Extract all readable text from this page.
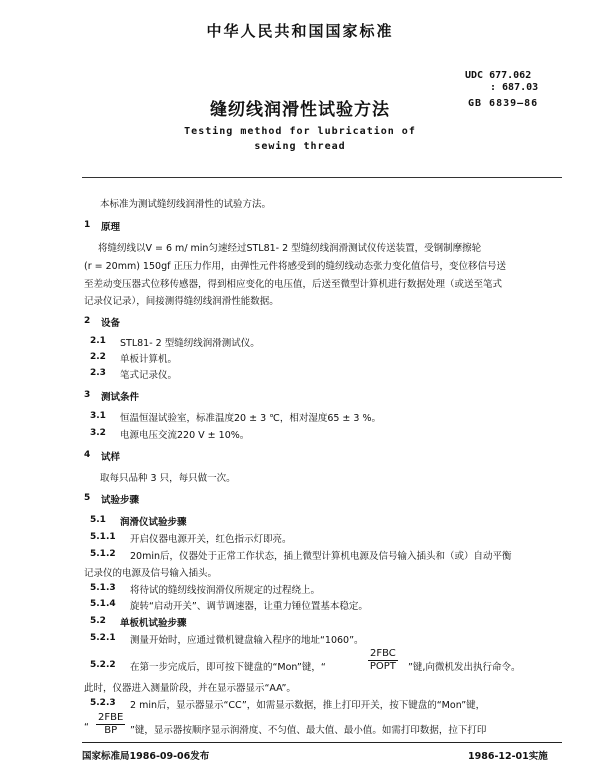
中华人民共和国国家标准
UDC 677.062
: 687.03
GB 6839—86
缝纫线润滑性试验方法
Testing method for lubrication of
sewing thread
本标准为测试缝纫线润滑性的试验方法。
1 原理
将缝纫线以V = 6 m/ min匀速经过STL81- 2 型缝纫线润滑测试仪传送装置，受钢制摩擦轮
(r = 20mm) 150gf 正压力作用，由弹性元件将感受到的缝纫线动态张力变化值信号，变位移信号送
至差动变压器式位移传感器，得到相应变化的电压值，后送至微型计算机进行数据处理（或送至笔式
记录仪记录），间接测得缝纫线润滑性能数据。
2 设备
2.1 STL81- 2 型缝纫线润滑测试仪。
2.2 单板计算机。
2.3 笔式记录仪。
3 测试条件
3.1 恒温恒湿试验室，标准温度20 ± 3 ℃，相对湿度65 ± 3 %。
3.2 电源电压交流220 V ± 10%。
4 试样
取每只品种 3 只，每只做一次。
5 试验步骤
5.1 润滑仪试验步骤
5.1.1 开启仪器电源开关，红色指示灯即亮。
5.1.2 20min后，仪器处于正常工作状态，插上微型计算机电源及信号输入插头和（或）自动平衡
记录仪的电源及信号输入插头。
5.1.3 将待试的缝纫线按润滑仪所规定的过程绕上。
5.1.4 旋转“启动开关”、调节调速器，让重力锤位置基本稳定。
5.2 单板机试验步骤
5.2.1 测量开始时，应通过微机键盘输入程序的地址“1060”。
5.2.2 在第一步完成后，即可按下键盘的“Mon”键，“
2FBC
POPT ”键,向微机发出执行命令。
此时，仪器进入测量阶段，并在显示器显示“AA”。
5.2.3 2 min后，显示器显示“CC”，如需显示数据，推上打印开关，按下键盘的“Mon”键，
“
2FBE
BP	”键，显示器按顺序显示润滑度、不匀值、最大值、最小值。如需打印数据，拉下打印
国家标准局1986-09-06发布	1986-12-01实施
